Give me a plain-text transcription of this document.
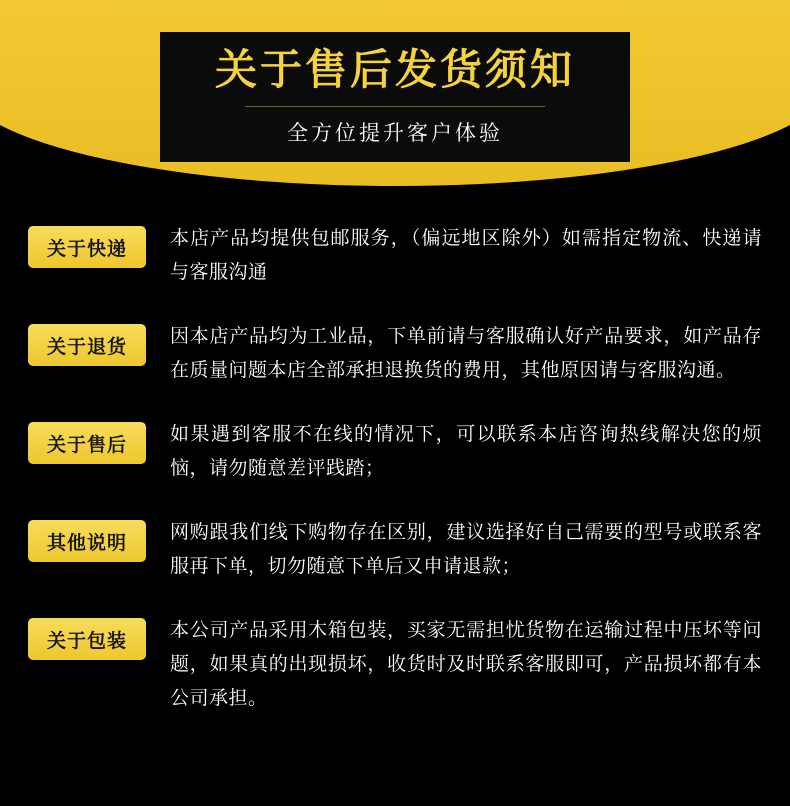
关于售后发货须知
全方位提升客户体验
关于快递	本店产品均提供包邮服务，（偏远地区除外）如需指定物流、快递请与客服沟通
关于退货	因本店产品均为工业品，下单前请与客服确认好产品要求，如产品存在质量问题本店全部承担退换货的费用，其他原因请与客服沟通。
关于售后	如果遇到客服不在线的情况下，可以联系本店咨询热线解决您的烦恼，请勿随意差评践踏；
其他说明	网购跟我们线下购物存在区别，建议选择好自己需要的型号或联系客服再下单，切勿随意下单后又申请退款；
关于包装	本公司产品采用木箱包装，买家无需担忧货物在运输过程中压坏等问题，如果真的出现损坏，收货时及时联系客服即可，产品损坏都有本公司承担。
